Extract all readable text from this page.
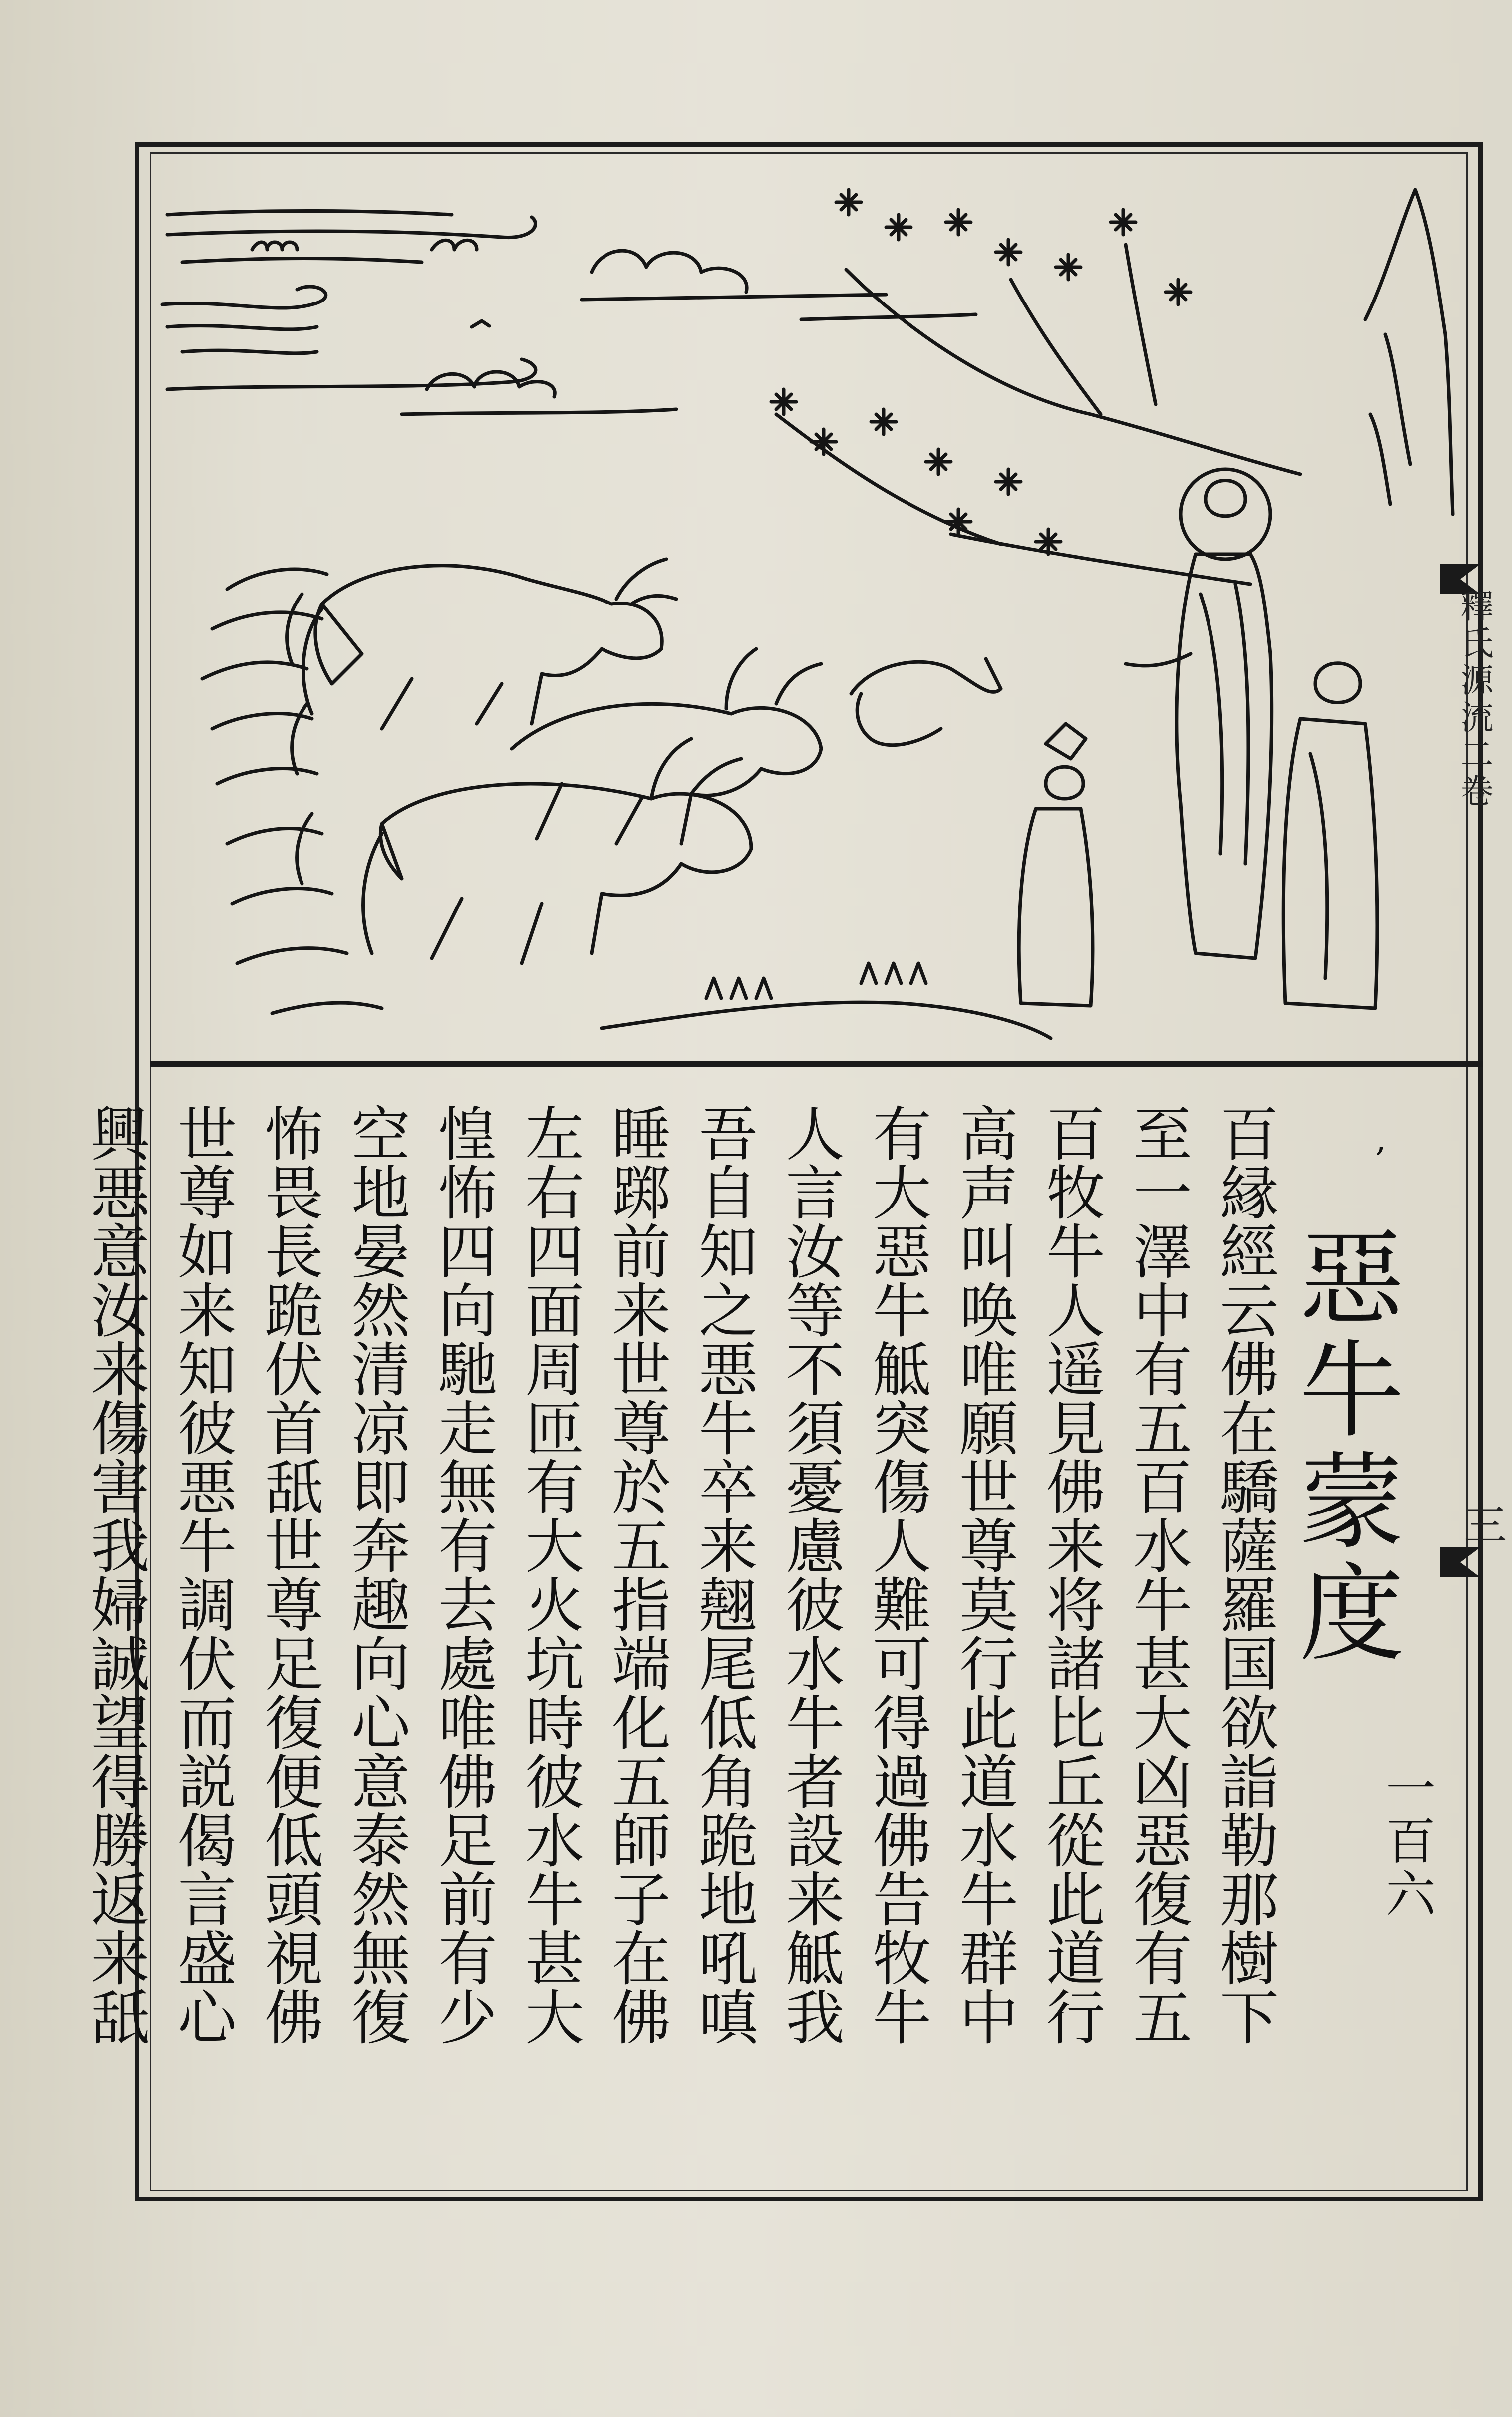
釋氏源流二卷
三
,
惡牛蒙度
一百六
百縁經云佛在驕薩羅国欲詣勒那樹下
至一澤中有五百水牛甚大凶惡復有五
百牧牛人遥見佛来将諸比丘從此道行
高声叫唤唯願世尊莫行此道水牛群中
有大惡牛觝突傷人難可得過佛告牧牛
人言汝等不須憂慮彼水牛者設来觝我
吾自知之悪牛卒来翹尾低角跪地吼嗔
睡踯前来世尊於五指端化五師子在佛
左右四面周匝有大火坑時彼水牛甚大
惶怖四向馳走無有去處唯佛足前有少
空地晏然清凉即奔趣向心意泰然無復
怖畏長跪伏首舐世尊足復便低頭視佛
世尊如来知彼悪牛調伏而説偈言盛心
興悪意汝来傷害我婦誠望得勝返来舐
